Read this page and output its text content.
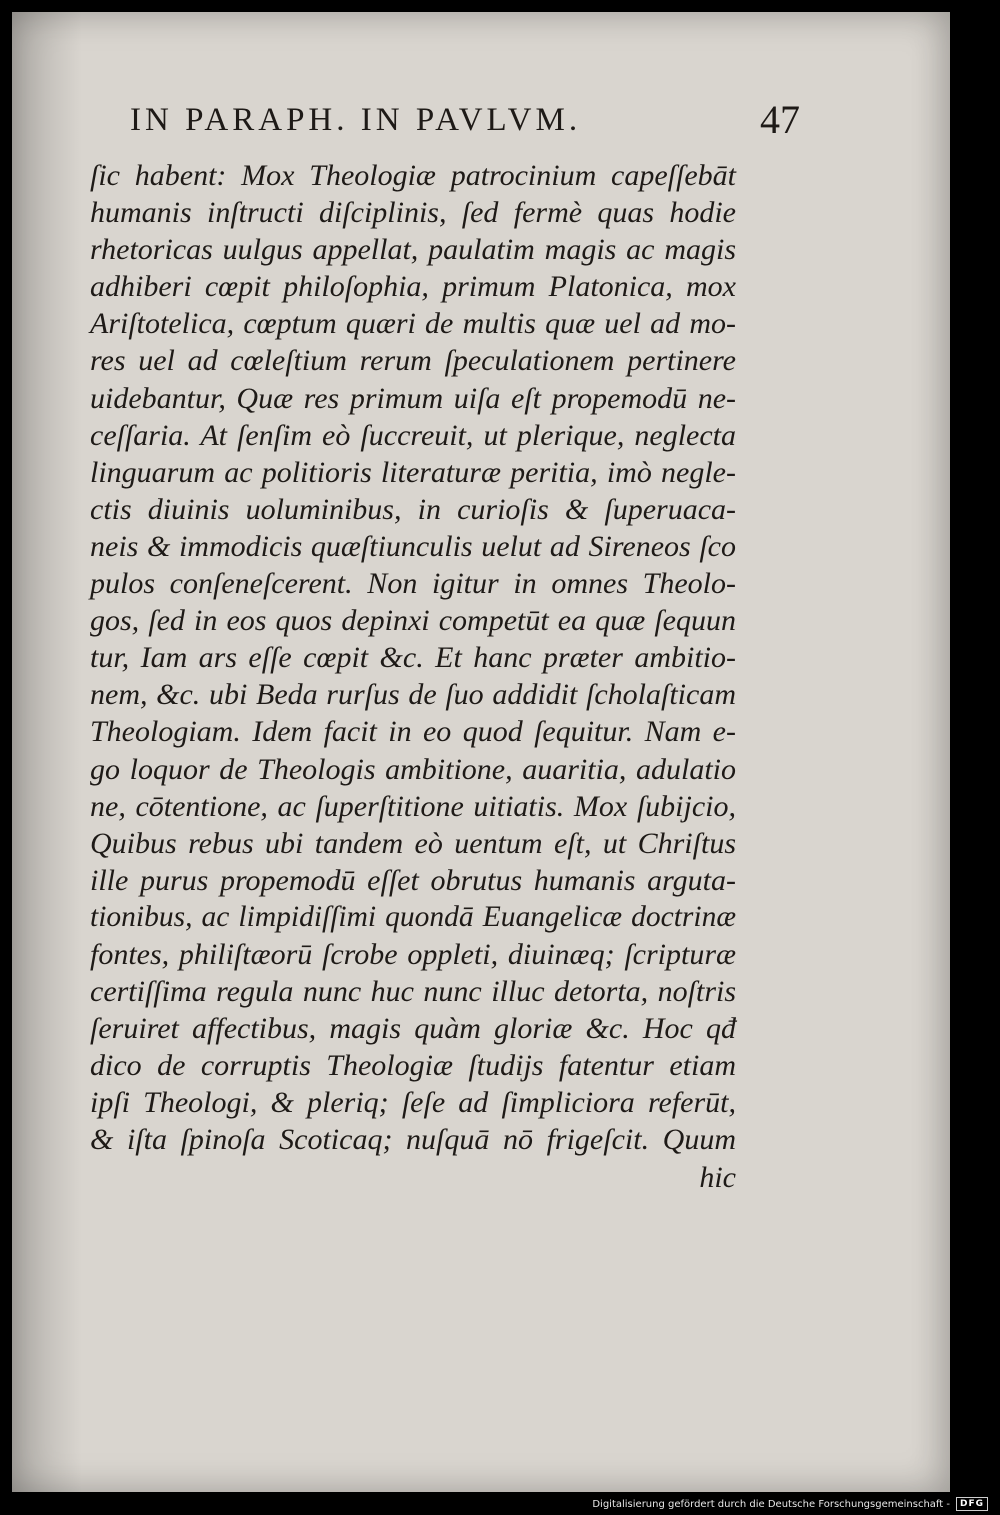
IN PARAPH. IN PAVLVM.	47
ſic habent: Mox Theologiæ patrocinium capeſſebāt
humanis inſtructi diſciplinis, ſed fermè quas hodie
rhetoricas uulgus appellat, paulatim magis ac magis
adhiberi cœpit philoſophia, primum Platonica, mox
Ariſtotelica, cœptum quæri de multis quæ uel ad mo-
res uel ad cœleſtium rerum ſpeculationem pertinere
uidebantur, Quæ res primum uiſa eſt propemodū ne-
ceſſaria. At ſenſim eò ſuccreuit, ut plerique, neglecta
linguarum ac politioris literaturæ peritia, imò negle-
ctis diuinis uoluminibus, in curioſis & ſuperuaca-
neis & immodicis quæſtiunculis uelut ad Sireneos ſco
pulos conſeneſcerent. Non igitur in omnes Theolo-
gos, ſed in eos quos depinxi competūt ea quæ ſequun
tur, Iam ars eſſe cœpit &c. Et hanc præter ambitio-
nem, &c. ubi Beda rurſus de ſuo addidit ſcholaſticam
Theologiam. Idem facit in eo quod ſequitur. Nam e-
go loquor de Theologis ambitione, auaritia, adulatio
ne, cōtentione, ac ſuperſtitione uitiatis. Mox ſubijcio,
Quibus rebus ubi tandem eò uentum eſt, ut Chriſtus
ille purus propemodū eſſet obrutus humanis arguta-
tionibus, ac limpidiſſimi quondā Euangelicæ doctrinæ
fontes, philiſtæorū ſcrobe oppleti, diuinæq; ſcripturæ
certiſſima regula nunc huc nunc illuc detorta, noſtris
ſeruiret affectibus, magis quàm gloriæ &c. Hoc qđ
dico de corruptis Theologiæ ſtudijs fatentur etiam
ipſi Theologi, & pleriq; ſeſe ad ſimpliciora referūt,
& iſta ſpinoſa Scoticaq; nuſquā nō frigeſcit. Quum
hic
Digitalisierung gefördert durch die Deutsche Forschungsgemeinschaft -	DFG
